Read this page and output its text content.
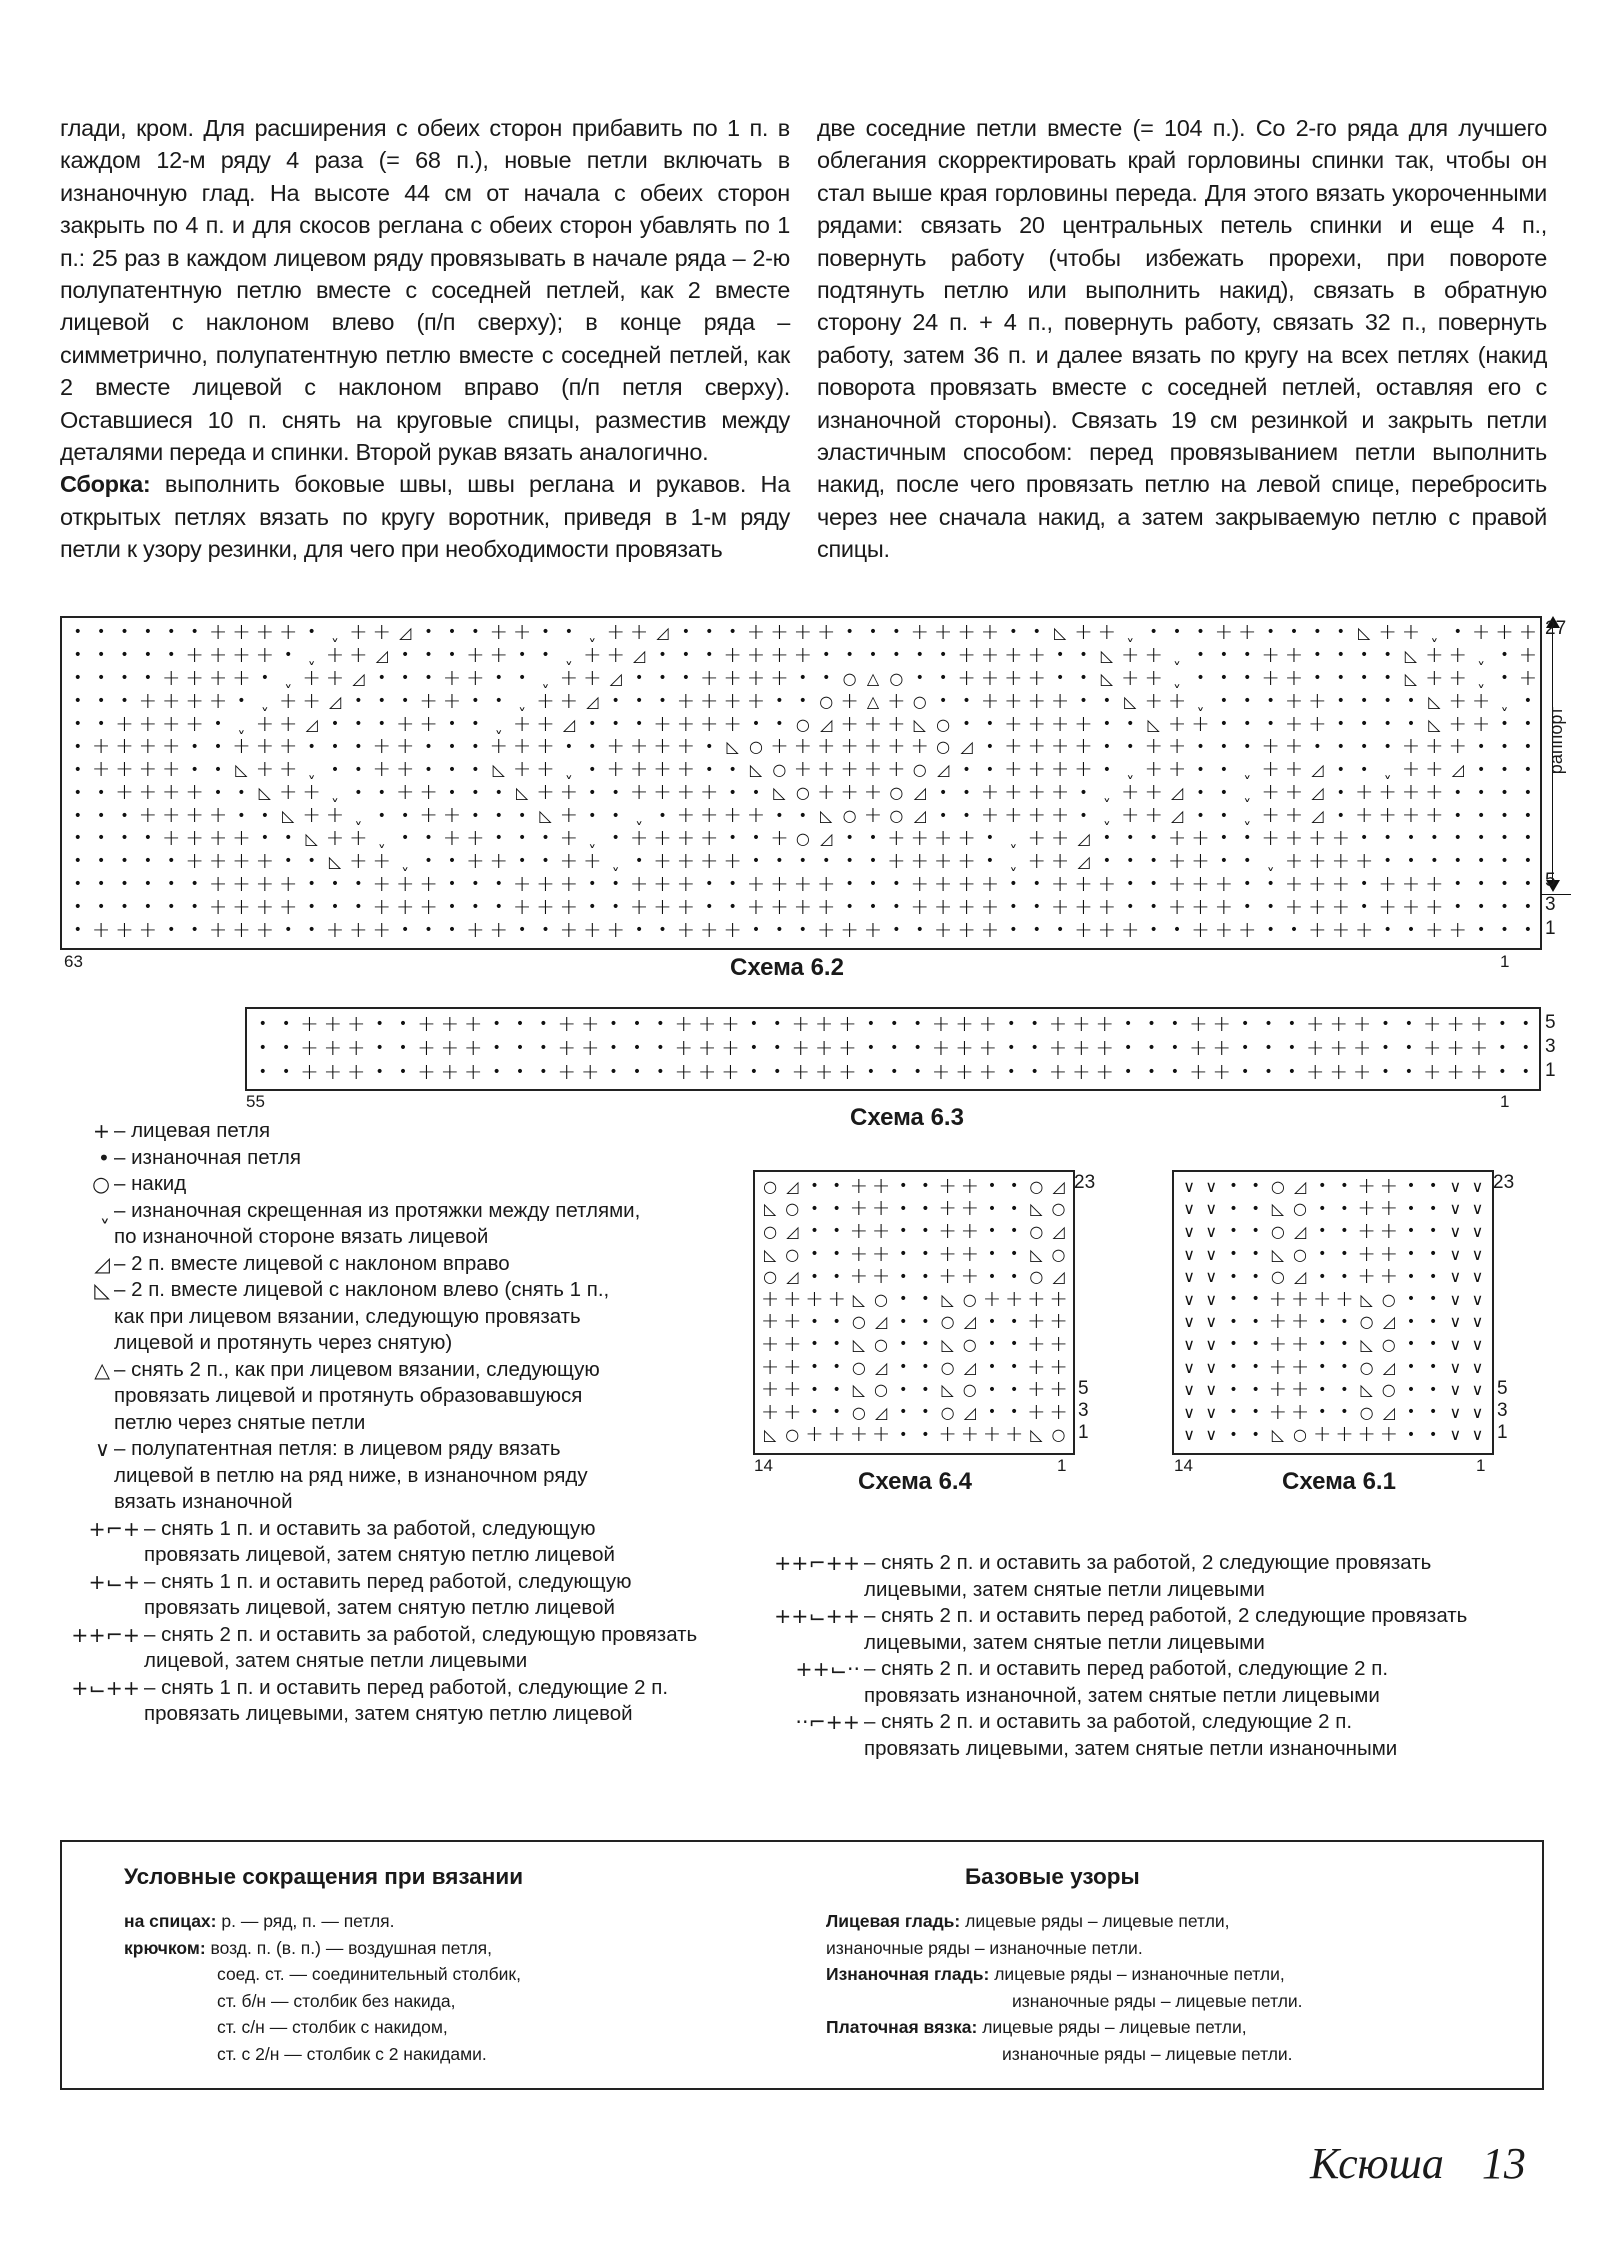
глади, кром. Для расширения с обеих сторон прибавить по 1 п. в каждом 12-м ряду 4 раза (= 68 п.), новые петли включать в изнаночную глад. На высоте 44 см от начала с обеих сторон закрыть по 4 п. и для скосов реглана с обеих сторон убавлять по 1 п.: 25 раз в каждом лицевом ряду провязывать в начале ряда – 2-ю полупатентную петлю вместе с соседней петлей, как 2 вместе лицевой с наклоном влево (п/п сверху); в конце ряда – симметрично, полупатентную петлю вместе с соседней петлей, как 2 вместе лицевой с наклоном вправо (п/п петля сверху). Оставшиеся 10 п. снять на круговые спицы, разместив между деталями переда и спинки. Второй рукав вязать аналогично.

Сборка: выполнить боковые швы, швы реглана и рукавов. На открытых петлях вязать по кругу воротник, приведя в 1-м ряду петли к узору резинки, для чего при необходимости провязать

две соседние петли вместе (= 104 п.). Со 2-го ряда для лучшего облегания скорректировать край горловины спинки так, чтобы он стал выше края горловины переда. Для этого вязать укороченными рядами: связать 20 центральных петель спинки и еще 4 п., повернуть работу (чтобы избежать прорехи, при повороте подтянуть петлю или выполнить накид), связать в обратную сторону 24 п. + 4 п., повернуть работу, связать 32 п., повернуть работу, затем 36 п. и далее вязать по кругу на всех петлях (накид поворота провязать вместе с соседней петлей, оставляя его с изнаночной стороны). Связать 19 см резинкой и закрыть петли эластичным способом: перед провязыванием петли выполнить накид, после чего провязать петлю на левой спице, перебросить через нее сначала накид, а затем закрываемую петлю с правой спицы.

•	•	•	•	•	• + + + + • ˬ + + ◿ •	•	• + + •	• ˬ + + ◿ •	•	• + + + + •	•	• + + + + •	• ◺ + + ˬ	•	•	• + + •	•	•	• ◺ + + ˬ	• + + +
•	•	•	•	• + + + + • ˬ + + ◿ •	•	• + + •	• ˬ + + ◿ •	•	• + + + + •	•	•	•	•	• + + + + •	• ◺ + + ˬ	•	•	• + + •	•	•	• ◺ + + ˬ	• +
•	•	•	• + + + + • ˬ + + ◿ •	•	• + + •	• ˬ + + ◿ •	•	• + + + + •	• ○ △ ○ •	• + + + + •	• ◺ + + ˬ	•	•	• + + •	•	•	• ◺ + + ˬ	• +
•	•	• + + + + • ˬ + + ◿ •	•	• + + •	• ˬ + + ◿ •	•	• + + + + •	• ○ + △ + ○ •	• + + + + •	• ◺ + + ˬ	•	•	• + + •	•	•	• ◺ + + ˬ	•
•	• + + + + • ˬ + + ◿ •	•	• + + •	• ˬ + + ◿ •	•	• + + + + •	• ○ ◿ + + + ◺ ○ •	• + + + + •	• ◺ + + •	•	• + + •	•	•	• ◺ + + •	•
• + + + + •	• + + + •	•	• + + •	•	• + + + •	• + + + + • ◺ ○ + + + + + + + ○ ◿ • + + + + •	• + + •	•	• + + •	•	•	• + + + •	•	•
• + + + + •	• ◺ + + ˬ	•	• + + •	•	• ◺ + + ˬ	• + + + + •	• ◺ ○ + + + + + ○ ◿ •	• + + + + • ˬ + + •	• ˬ + + ◿ •	• ˬ + + ◿ •	•	•
•	• + + + + •	• ◺ + + ˬ	•	• + + •	•	• ◺ + + •	• + + + + •	• ◺ ○ + + + ○ ◿ •	• + + + + • ˬ + + ◿ •	• ˬ + + ◿ • + + + + •	•	•	•
•	•	• + + + + •	• ◺ + + ˬ	•	• + + •	•	• ◺ + •	• ˬ	• + + + + •	• ◺ ○ + ○ ◿ •	• + + + + • ˬ + + ◿ •	• ˬ + + ◿ • + + + + •	•	•	•
•	•	•	• + + + + •	• ◺ + + ˬ	•	• + + •	•	• + ˬ	• + + + + •	• + ○ ◿ •	• + + + + • ˬ + + ◿ •	•	• + + •	• + + + + •	•	•	•	•	•	•	•
•	•	•	•	• + + + + •	• ◺ + + ˬ	•	• + + •	• + + ˬ	• + + + + •	•	•	•	•	• + + + + • ˬ + + ◿ •	•	• + + •	• ˬ + + + + •	•	•	•	•	•	•
•	•	•	•	•	• + + + + •	•	• + + + •	•	• + + + •	• + + + •	• + + + + •	•	• + + + + •	• + + + •	• + + + •	• + + + • + + + •	•	•	•
•	•	•	•	•	• + + + + •	•	• + + + •	•	• + + + •	• + + + •	• + + + + •	•	• + + + + •	• + + + •	• + + + •	• + + + • + + + •	•	•	•
• + + + •	• + + + •	• + + + •	•	• + + •	• + + + •	• + + + •	•	• + + + •	• + + + •	•	• + + + •	• + + + •	• + + + •	• + + •	•	•
раппорт
27
5
3
1
63	1
Схема 6.2
•	• + + + •	• + + + •	•	• + + •	•	• + + + •	• + + + •	•	• + + + •	• + + + •	•	• + + •	•	• + + + •	• + + + •	•
•	• + + + •	• + + + •	•	• + + •	•	• + + + •	• + + + •	•	• + + + •	• + + + •	•	• + + •	•	• + + + •	• + + + •	•
•	• + + + •	• + + + •	•	• + + •	•	• + + + •	• + + + •	•	• + + + •	• + + + •	•	• + + •	•	• + + + •	• + + + •	•
5
3
1
55	1
Схема 6.3
○ ◿ • • + + • • + + • • ○ ◿
◺ ○ • • + + • • + + • • ◺ ○
○ ◿ • • + + • • + + • • ○ ◿
◺ ○ • • + + • • + + • • ◺ ○
○ ◿ • • + + • • + + • • ○ ◿
+ + + + ◺ ○ • • ◺ ○ + + + +
+ + • • ○ ◿ • • ○ ◿ • • + +
+ + • • ◺ ○ • • ◺ ○ • • + +
+ + • • ○ ◿ • • ○ ◿ • • + +
+ + • • ◺ ○ • • ◺ ○ • • + +
+ + • • ○ ◿ • • ○ ◿ • • + +
◺ ○ + + + + • • + + + + ◺ ○
23
5
3
1
14	1
Схема 6.4
∨ ∨ • • ○ ◿ • • + + • • ∨ ∨
∨ ∨ • • ◺ ○ • • + + • • ∨ ∨
∨ ∨ • • ○ ◿ • • + + • • ∨ ∨
∨ ∨ • • ◺ ○ • • + + • • ∨ ∨
∨ ∨ • • ○ ◿ • • + + • • ∨ ∨
∨ ∨ • • + + + + ◺ ○ • • ∨ ∨
∨ ∨ • • + + • • ○ ◿ • • ∨ ∨
∨ ∨ • • + + • • ◺ ○ • • ∨ ∨
∨ ∨ • • + + • • ○ ◿ • • ∨ ∨
∨ ∨ • • + + • • ◺ ○ • • ∨ ∨
∨ ∨ • • + + • • ○ ◿ • • ∨ ∨
∨ ∨ • • ◺ ○ + + + + • • ∨ ∨
23
5
3
1
14	1
Схема 6.1
+ – лицевая петля
• – изнаночная петля
○ – накид
ˬ – изнаночная скрещенная из протяжки между петлями,
по изнаночной стороне вязать лицевой
◿ – 2 п. вместе лицевой с наклоном вправо
◺ – 2 п. вместе лицевой с наклоном влево (снять 1 п.,
как при лицевом вязании, следующую провязать
лицевой и протянуть через снятую)
△ – снять 2 п., как при лицевом вязании, следующую
провязать лицевой и протянуть образовавшуюся
петлю через снятые петли
∨ – полупатентная петля: в лицевом ряду вязать
лицевой в петлю на ряд ниже, в изнаночном ряду
вязать изнаночной
+⌐+ – снять 1 п. и оставить за работой, следующую
провязать лицевой, затем снятую петлю лицевой
+⌙+ – снять 1 п. и оставить перед работой, следующую
провязать лицевой, затем снятую петлю лицевой
++⌐+ – снять 2 п. и оставить за работой, следующую провязать
лицевой, затем снятые петли лицевыми
+⌙++ – снять 1 п. и оставить перед работой, следующие 2 п.
провязать лицевыми, затем снятую петлю лицевой
++⌐++ – снять 2 п. и оставить за работой, 2 следующие провязать
лицевыми, затем снятые петли лицевыми
++⌙++ – снять 2 п. и оставить перед работой, 2 следующие провязать
лицевыми, затем снятые петли лицевыми
++⌙·· – снять 2 п. и оставить перед работой, следующие 2 п.
провязать изнаночной, затем снятые петли лицевыми
··⌐++ – снять 2 п. и оставить за работой, следующие 2 п.
провязать лицевыми, затем снятые петли изнаночными
Условные сокращения при вязании
на спицах: р. — ряд, п. — петля.
крючком: возд. п. (в. п.) — воздушная петля,
соед. ст. — соединительный столбик,
ст. б/н — столбик без накида,
ст. с/н — столбик с накидом,
ст. с 2/н — столбик с 2 накидами.
Базовые узоры
Лицевая гладь: лицевые ряды – лицевые петли,
изнаночные ряды – изнаночные петли.
Изнаночная гладь: лицевые ряды – изнаночные петли,
изнаночные ряды – лицевые петли.
Платочная вязка: лицевые ряды – лицевые петли,
изнаночные ряды – лицевые петли.
Ксюша 13
